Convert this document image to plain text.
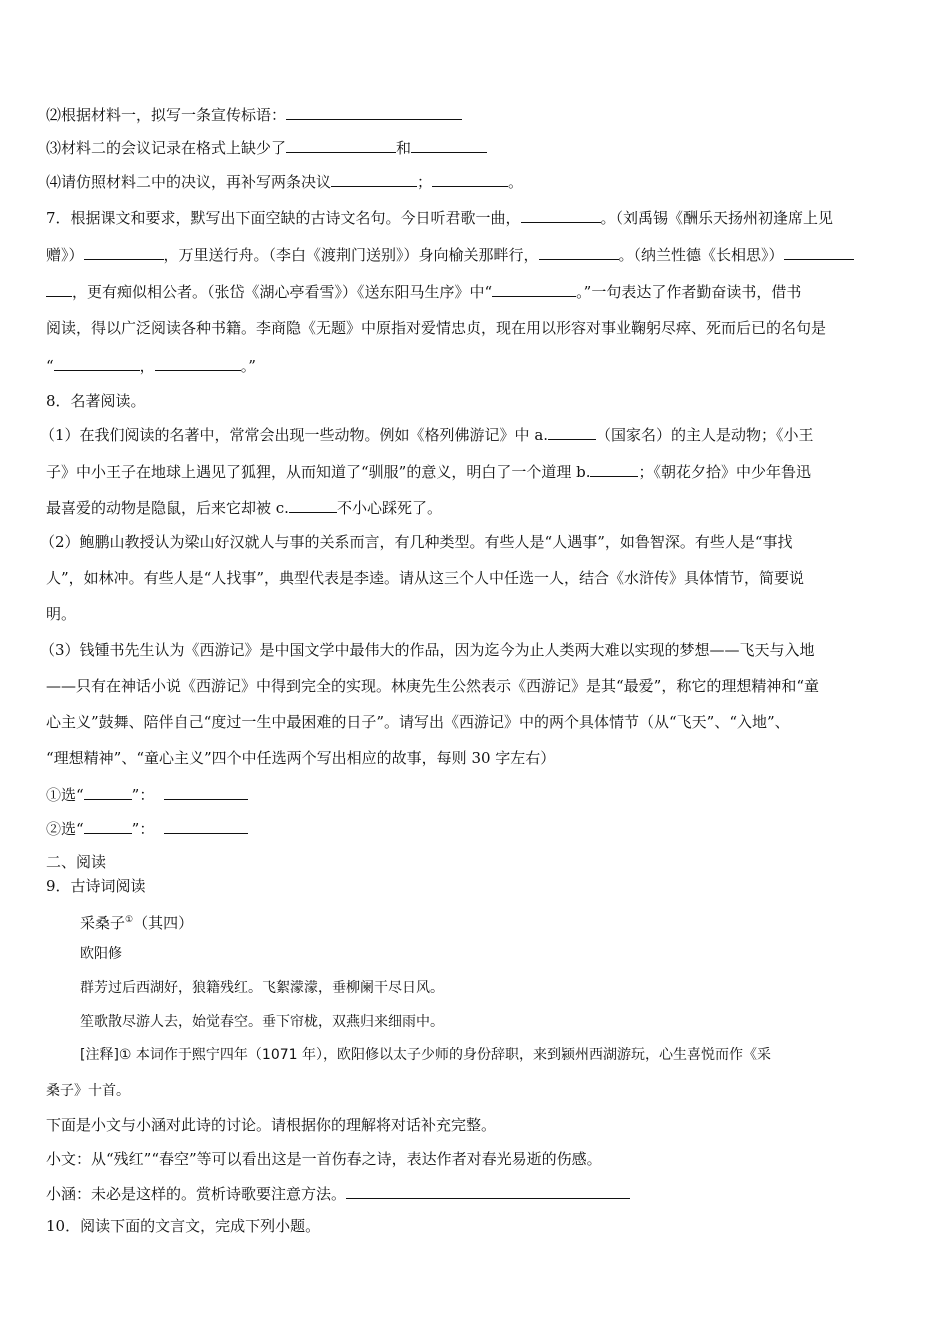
⑵根据材料一，拟写一条宣传标语：
⑶材料二的会议记录在格式上缺少了	和
⑷请仿照材料二中的决议，再补写两条决议	；	。
7．根据课文和要求，默写出下面空缺的古诗文名句。今日听君歌一曲，	。（刘禹锡《酬乐天扬州初逢席上见
赠》）	，万里送行舟。（李白《渡荆门送别》）身向榆关那畔行，	。（纳兰性德《长相思》）
，更有痴似相公者。（张岱《湖心亭看雪》）《送东阳马生序》中“	。”一句表达了作者勤奋读书，借书
阅读，得以广泛阅读各种书籍。李商隐《无题》中原指对爱情忠贞，现在用以形容对事业鞠躬尽瘁、死而后已的名句是
“	，	。”
8．名著阅读。
（1）在我们阅读的名著中，常常会出现一些动物。例如《格列佛游记》中 a.	（国家名）的主人是动物；《小王
子》中小王子在地球上遇见了狐狸，从而知道了“驯服”的意义，明白了一个道理 b.	；《朝花夕拾》中少年鲁迅
最喜爱的动物是隐鼠，后来它却被 c.	不小心踩死了。
（2）鲍鹏山教授认为梁山好汉就人与事的关系而言，有几种类型。有些人是“人遇事”，如鲁智深。有些人是“事找
人”，如林冲。有些人是“人找事”，典型代表是李逵。请从这三个人中任选一人，结合《水浒传》具体情节，简要说
明。
（3）钱锺书先生认为《西游记》是中国文学中最伟大的作品，因为迄今为止人类两大难以实现的梦想——飞天与入地
——只有在神话小说《西游记》中得到完全的实现。林庚先生公然表示《西游记》是其“最爱”，称它的理想精神和“童
心主义”鼓舞、陪伴自己“度过一生中最困难的日子”。请写出《西游记》中的两个具体情节（从“飞天”、“入地”、
“理想精神”、“童心主义”四个中任选两个写出相应的故事，每则 30 字左右）
①选“	”：
②选“	”：
二、阅读
9．古诗词阅读
采桑子①（其四）
欧阳修
群芳过后西湖好，狼籍残红。飞絮濛濛，垂柳阑干尽日风。
笙歌散尽游人去，始觉春空。垂下帘栊，双燕归来细雨中。
[注释]① 本词作于熙宁四年（1071 年），欧阳修以太子少师的身份辞职，来到颍州西湖游玩，心生喜悦而作《采
桑子》十首。
下面是小文与小涵对此诗的讨论。请根据你的理解将对话补充完整。
小文：从“残红”“春空”等可以看出这是一首伤春之诗，表达作者对春光易逝的伤感。
小涵：未必是这样的。赏析诗歌要注意方法。
10．阅读下面的文言文，完成下列小题。
